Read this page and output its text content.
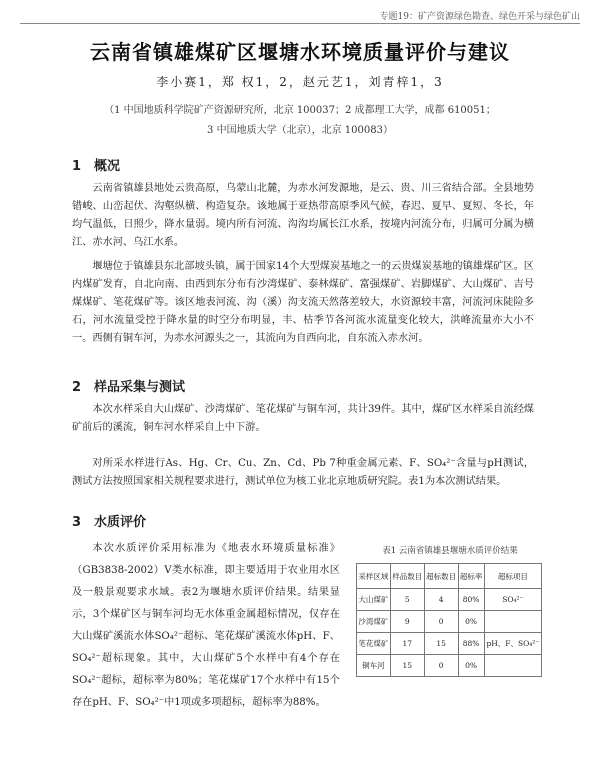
专题19：矿产资源绿色勘查、绿色开采与绿色矿山
云南省镇雄煤矿区堰塘水环境质量评价与建议
李小赛1，郑 权1，2，赵元艺1，刘青梓1，3
（1 中国地质科学院矿产资源研究所，北京 100037；2 成都理工大学，成都 610051；
3 中国地质大学（北京），北京 100083）
1 概况
云南省镇雄县地处云贵高原，乌蒙山北麓，为赤水河发源地，是云、贵、川三省结合部。全县地势错峻、山峦起伏、沟壑纵横、构造复杂。该地属于亚热带高原季风气候，春迟、夏早、夏短、冬长，年均气温低，日照少，降水量弱。境内所有河流、沟沟均属长江水系，按境内河流分布，归属可分属为横江、赤水河、乌江水系。
堰塘位于镇雄县东北部坡头镇，属于国家14个大型煤炭基地之一的云贵煤炭基地的镇雄煤矿区。区内煤矿发育，自北向南、由西到东分布有沙湾煤矿、泰林煤矿、富强煤矿、岩脚煤矿、大山煤矿、吉号煤煤矿、笔花煤矿等。该区地表河流、沟（溪）沟支流天然落差较大，水资源较丰富，河流河床陡险多石，河水流量受控于降水量的时空分布明显，丰、枯季节各河流水流量变化较大，洪峰流量亦大小不一。西侧有铜车河，为赤水河源头之一，其流向为自西向北，自东流入赤水河。
2 样品采集与测试
本次水样采自大山煤矿、沙湾煤矿、笔花煤矿与铜车河，共计39件。其中，煤矿区水样采自流经煤矿前后的溪流，铜车河水样采自上中下游。
对所采水样进行As、Hg、Cr、Cu、Zn、Cd、Pb 7种重金属元素、F、SO₄²⁻含量与pH测试，测试方法按照国家相关规程要求进行，测试单位为核工业北京地质研究院。表1为本次测试结果。
3 水质评价
本次水质评价采用标准为《地表水环境质量标准》（GB3838-2002）Ⅴ类水标准，即主要适用于农业用水区及一般景观要求水域。表2为堰塘水质评价结果。结果显示，3个煤矿区与铜车河均无水体重金属超标情况，仅存在大山煤矿溪流水体SO₄²⁻超标、笔花煤矿溪流水体pH、F、SO₄²⁻超标现象。其中，大山煤矿5个水样中有4个存在SO₄²⁻超标，超标率为80%；笔花煤矿17个水样中有15个存在pH、F、SO₄²⁻中1项或多项超标，超标率为88%。
表1 云南省镇雄县堰塘水质评价结果
采样区域	样品数目	超标数目	超标率	超标项目
大山煤矿	5	4	80%	SO₄²⁻
沙湾煤矿	9	0	0%	
笔花煤矿	17	15	88%	pH、F、SO₄²⁻
铜车河	15	0	0%	
